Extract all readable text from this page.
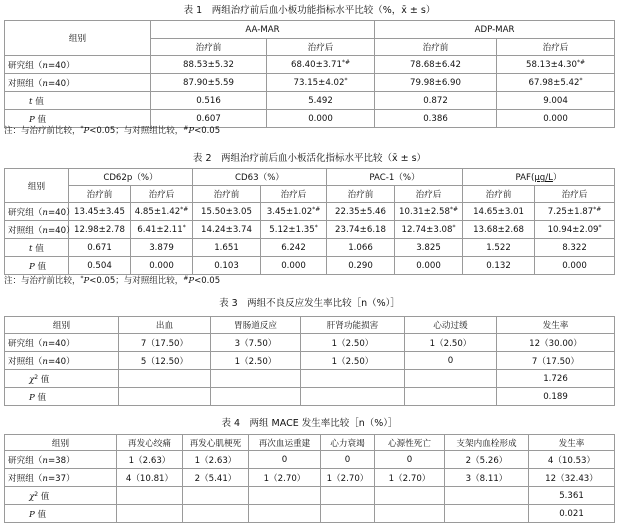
表 1　两组治疗前后血小板功能指标水平比较（%，x̄ ± s）
组别	AA-MAR		ADP-MAR	
	治疗前	治疗后	治疗前	治疗后
研究组（n=40）	88.53±5.32	68.40±3.71*#	78.68±6.42	58.13±4.30*#
对照组（n=40）	87.90±5.59	73.15±4.02*	79.98±6.90	67.98±5.42*
t 值	0.516	5.492	0.872	9.004
P 值	0.607	0.000	0.386	0.000
注：与治疗前比较，*P<0.05；与对照组比较，#P<0.05
表 2　两组治疗前后血小板活化指标水平比较（x̄ ± s）
组别	CD62p（%）		CD63（%）		PAC-1（%）		PAF(μg/L）	
	治疗前	治疗后	治疗前	治疗后	治疗前	治疗后	治疗前	治疗后
研究组（n=40）	13.45±3.45	4.85±1.42*#	15.50±3.05	3.45±1.02*#	22.35±5.46	10.31±2.58*#	14.65±3.01	7.25±1.87*#
对照组（n=40）	12.98±2.78	6.41±2.11*	14.24±3.74	5.12±1.35*	23.74±6.18	12.74±3.08*	13.68±2.68	10.94±2.09*
t 值	0.671	3.879	1.651	6.242	1.066	3.825	1.522	8.322
P 值	0.504	0.000	0.103	0.000	0.290	0.000	0.132	0.000
注：与治疗前比较，*P<0.05；与对照组比较，#P<0.05
表 3　两组不良反应发生率比较［n（%）］
组别	出血	胃肠道反应	肝肾功能损害	心动过缓	发生率
研究组（n=40）	7（17.50）	3（7.50）	1（2.50）	1（2.50）	12（30.00）
对照组（n=40）	5（12.50）	1（2.50）	1（2.50）	0	7（17.50）
$\chi^2$ 值					1.726
P 值					0.189
表 4　两组 MACE 发生率比较［n（%）］
组别	再发心绞痛	再发心肌梗死	再次血运重建	心力衰竭	心源性死亡	支架内血栓形成	发生率
研究组（n=38）	1（2.63）	1（2.63）	0	0	0	2（5.26）	4（10.53）
对照组（n=37）	4（10.81）	2（5.41）	1（2.70）	1（2.70）	1（2.70）	3（8.11）	12（32.43）
$\chi^2$ 值							5.361
P 值							0.021
